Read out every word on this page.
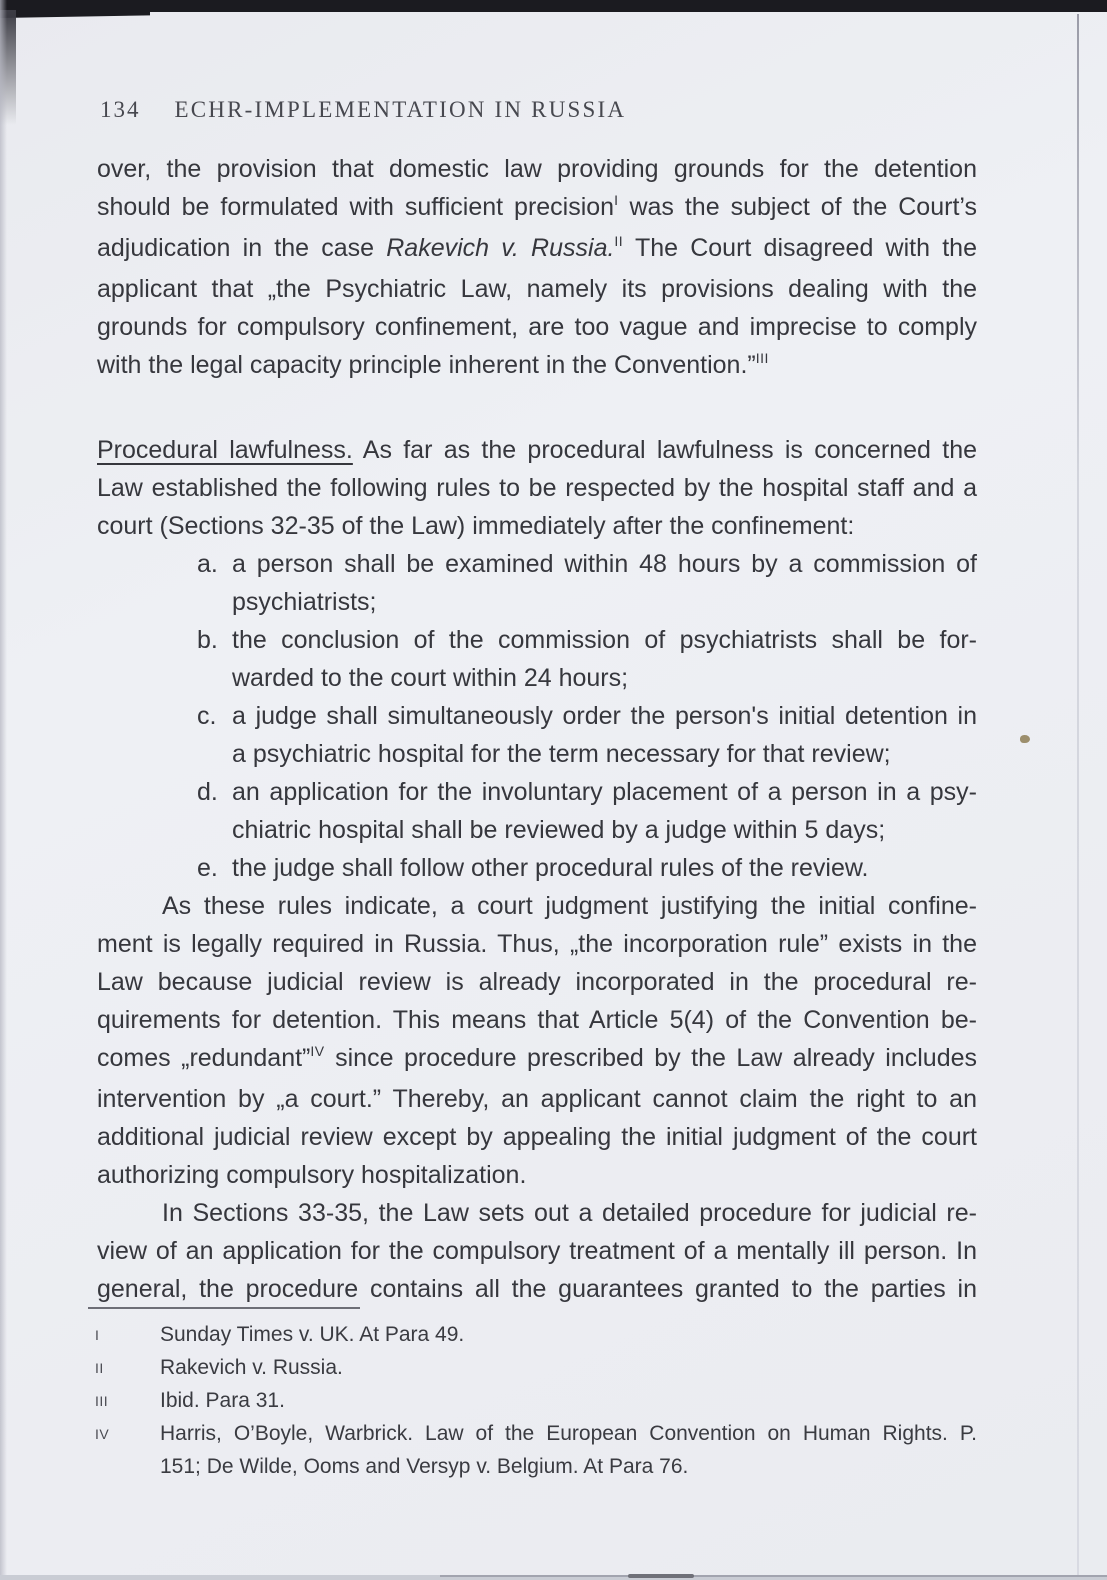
134 ECHR-IMPLEMENTATION IN RUSSIA
over, the provision that domestic law providing grounds for the detention
should be formulated with sufficient precision$^I$ was the subject of the Court’s
adjudication in the case Rakevich v. Russia.$^{II}$ The Court disagreed with the
applicant that „the Psychiatric Law, namely its provisions dealing with the
grounds for compulsory confinement, are too vague and imprecise to comply
with the legal capacity principle inherent in the Convention.”$^{III}$
Procedural lawfulness. As far as the procedural lawfulness is concerned the
Law established the following rules to be respected by the hospital staff and a
court (Sections 32-35 of the Law) immediately after the confinement:
a person shall be examined within 48 hours by a commission of
a.
psychiatrists;
the conclusion of the commission of psychiatrists shall be for-
b.
warded to the court within 24 hours;
a judge shall simultaneously order the person's initial detention in
c.
a psychiatric hospital for the term necessary for that review;
an application for the involuntary placement of a person in a psy-
d.
chiatric hospital shall be reviewed by a judge within 5 days;
the judge shall follow other procedural rules of the review.
e.
As these rules indicate, a court judgment justifying the initial confine-
ment is legally required in Russia. Thus, „the incorporation rule” exists in the
Law because judicial review is already incorporated in the procedural re-
quirements for detention. This means that Article 5(4) of the Convention be-
comes „redundant”$^{IV}$ since procedure prescribed by the Law already includes
intervention by „a court.” Thereby, an applicant cannot claim the right to an
additional judicial review except by appealing the initial judgment of the court
authorizing compulsory hospitalization.
In Sections 33-35, the Law sets out a detailed procedure for judicial re-
view of an application for the compulsory treatment of a mentally ill person. In
general, the procedure contains all the guarantees granted to the parties in
I	Sunday Times v. UK. At Para 49.
II	Rakevich v. Russia.
III Ibid. Para 31.
IV Harris, O’Boyle, Warbrick. Law of the European Convention on Human Rights. P.
151; De Wilde, Ooms and Versyp v. Belgium. At Para 76.
